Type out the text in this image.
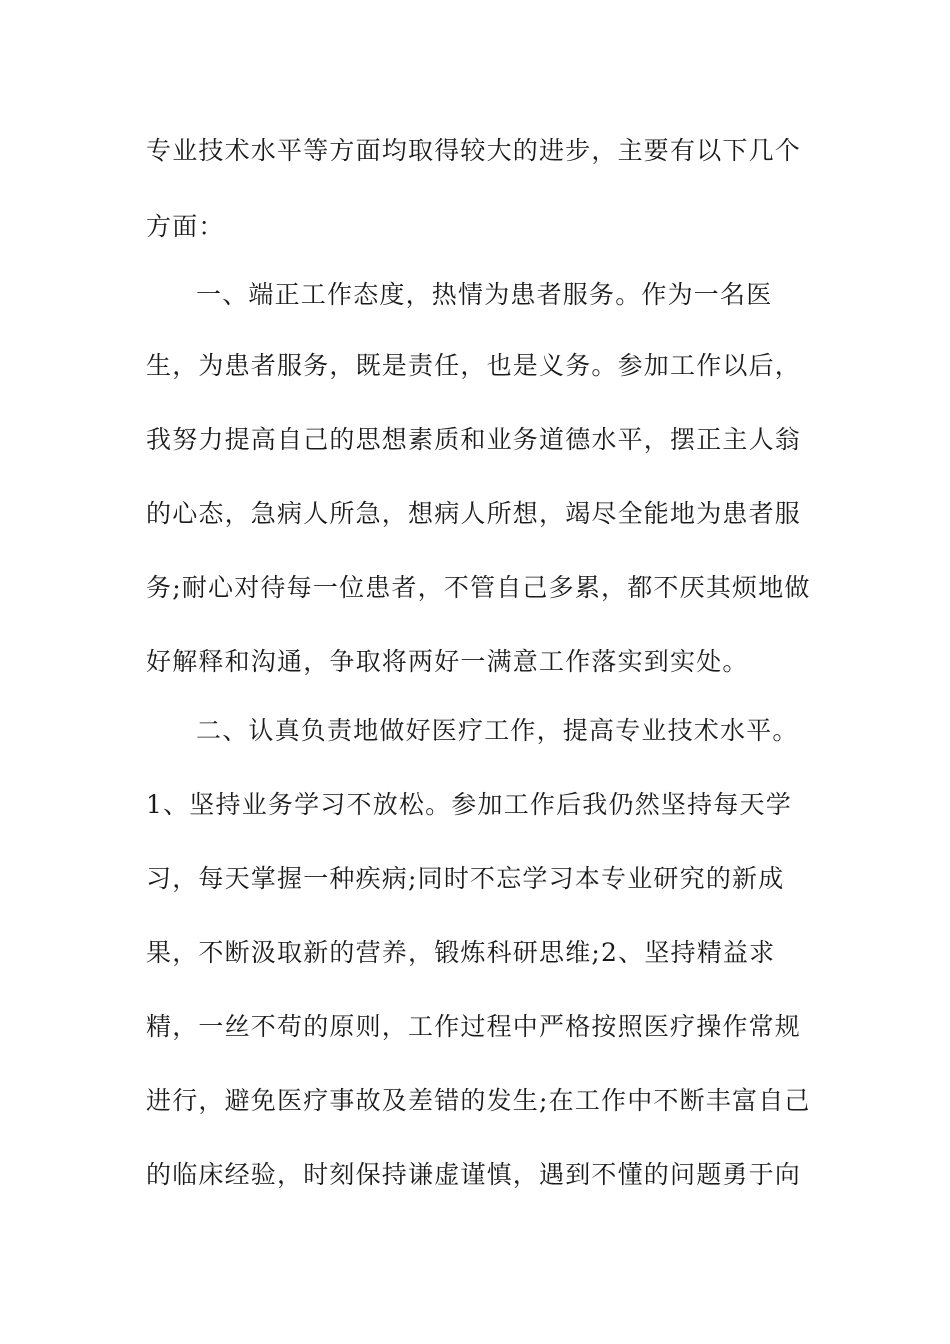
专业技术水平等方面均取得较大的进步，主要有以下几个
方面：
一、端正工作态度，热情为患者服务。作为一名医
生，为患者服务，既是责任，也是义务。参加工作以后，
我努力提高自己的思想素质和业务道德水平，摆正主人翁
的心态，急病人所急，想病人所想，竭尽全能地为患者服
务;耐心对待每一位患者，不管自己多累，都不厌其烦地做
好解释和沟通，争取将两好一满意工作落实到实处。
二、认真负责地做好医疗工作，提高专业技术水平。
1、坚持业务学习不放松。参加工作后我仍然坚持每天学
习，每天掌握一种疾病;同时不忘学习本专业研究的新成
果，不断汲取新的营养，锻炼科研思维;2、坚持精益求
精，一丝不苟的原则，工作过程中严格按照医疗操作常规
进行，避免医疗事故及差错的发生;在工作中不断丰富自己
的临床经验，时刻保持谦虚谨慎，遇到不懂的问题勇于向
